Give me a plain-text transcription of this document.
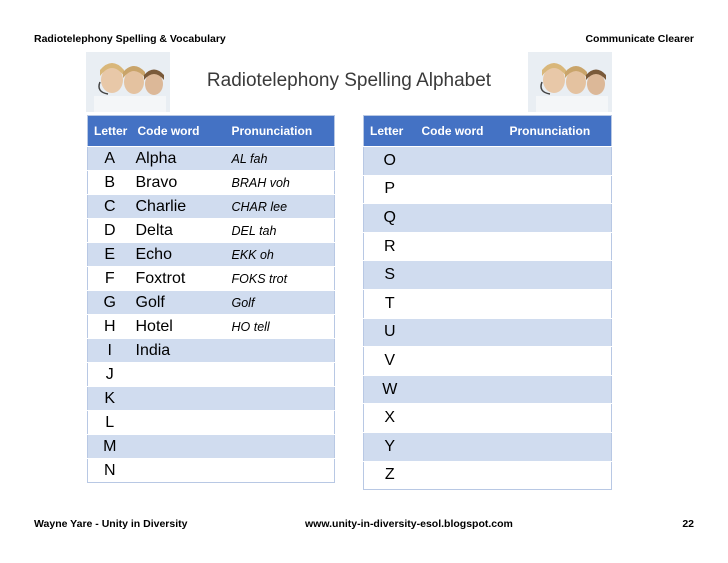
Radiotelephony Spelling & Vocabulary	Communicate Clearer
Radiotelephony Spelling Alphabet
Letter	Code word	Pronunciation
A	Alpha	AL fah
B	Bravo	BRAH voh
C	Charlie	CHAR lee
D	Delta	DEL tah
E	Echo	EKK oh
F	Foxtrot	FOKS trot
G	Golf	Golf
H	Hotel	HO tell
I	India	
J		
K		
L		
M		
N		
Letter	Code word	Pronunciation
O		
P		
Q		
R		
S		
T		
U		
V		
W		
X		
Y		
Z		
Wayne Yare - Unity in Diversity	www.unity-in-diversity-esol.blogspot.com	22
